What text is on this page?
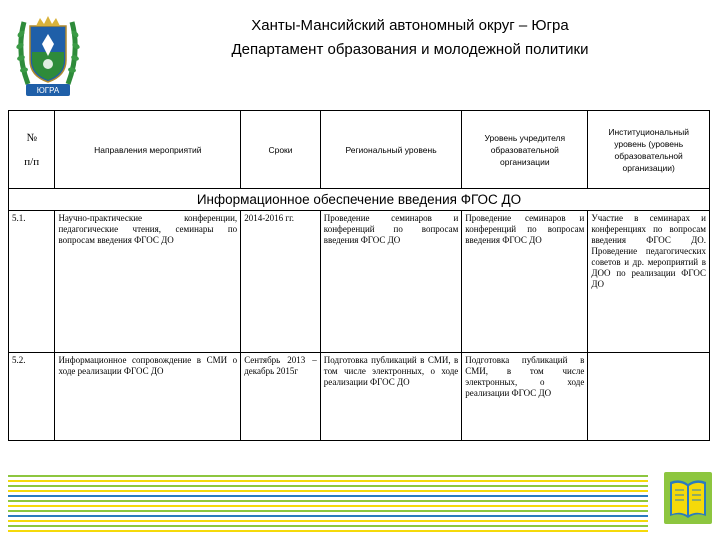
ЮГРА
Ханты-Мансийский автономный округ – Югра
Департамент образования и молодежной политики
№
п/п	Направления мероприятий	Сроки	Региональный уровень	Уровень учредителя образовательной организации	Институциональный уровень (уровень образовательной организации)
Информационное обеспечение введения ФГОС ДО					
5.1.	Научно-практические конференции, педагогические чтения, семинары по вопросам введения ФГОС ДО	2014-2016 гг.	Проведение семинаров и конференций по вопросам введения ФГОС ДО	Проведение семинаров и конференций по вопросам введения ФГОС ДО	Участие в семинарах и конференциях по вопросам введения ФГОС ДО. Проведение педагогических советов и др. мероприятий в ДОО по реализации ФГОС ДО
5.2.	Информационное сопровождение в СМИ о ходе реализации ФГОС ДО	Сентябрь 2013 – декабрь 2015г	Подготовка публикаций в СМИ, в том числе электронных, о ходе реализации ФГОС ДО	Подготовка публикаций в СМИ, в том числе электронных, о ходе реализации ФГОС ДО	
